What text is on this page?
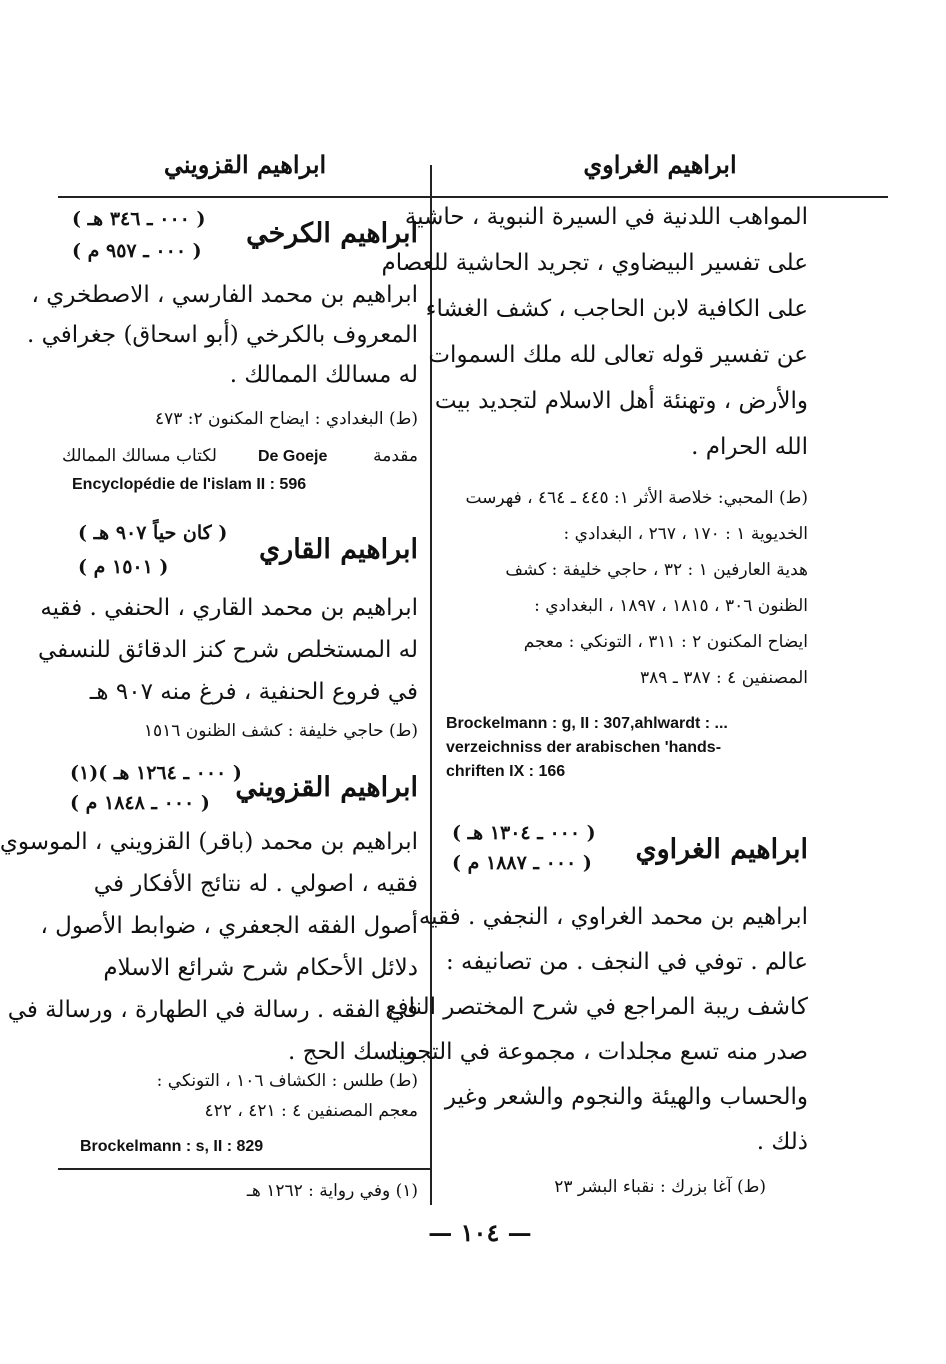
ابراهيم الغراوي
ابراهيم القزويني
المواهب اللدنية في السيرة النبوية ، حاشية
على تفسير البيضاوي ، تجريد الحاشية للعصام
على الكافية لابن الحاجب ، كشف الغشاء
عن تفسير قوله تعالى لله ملك السموات
والأرض ، وتهنئة أهل الاسلام لتجديد بيت
الله الحرام .
(ط) المحبي: خلاصة الأثر ١: ٤٤٥ ـ ٤٦٤ ، فهرست
الخديوية ١ : ١٧٠ ، ٢٦٧ ، البغدادي :
هدية العارفين ١ : ٣٢ ، حاجي خليفة : كشف
الظنون ٣٠٦ ، ١٨١٥ ، ١٨٩٧ ، البغدادي :
ايضاح المكنون ٢ : ٣١١ ، التونكي : معجم
المصنفين ٤ : ٣٨٧ ـ ٣٨٩
Brockelmann : g, II : 307,ahlwardt : ...
verzeichniss der arabischen 'hands-
chriften IX : 166
ابراهيم الغراوي
( ٠٠٠ ـ ١٣٠٤ هـ )
( ٠٠٠ ـ ١٨٨٧ م )
ابراهيم بن محمد الغراوي ، النجفي . فقيه
عالم . توفي في النجف . من تصانيفه :
كاشف ريبة المراجع في شرح المختصر النافع
صدر منه تسع مجلدات ، مجموعة في التجويد
والحساب والهيئة والنجوم والشعر وغير
ذلك .
(ط) آغا بزرك : نقباء البشر ٢٣
ابراهيم الكرخي
( ٠٠٠ ـ ٣٤٦ هـ )
( ٠٠٠ ـ ٩٥٧ م )
ابراهيم بن محمد الفارسي ، الاصطخري ،
المعروف بالكرخي (أبو اسحاق) جغرافي .
له مسالك الممالك .
(ط) البغدادي : ايضاح المكنون ٢: ٤٧٣
مقدمة
De Goeje
لكتاب مسالك الممالك
Encyclopédie de l'islam II : 596
ابراهيم القاري
( كان حياً ٩٠٧ هـ )
( ١٥٠١ م )
ابراهيم بن محمد القاري ، الحنفي . فقيه
له المستخلص شرح كنز الدقائق للنسفي
في فروع الحنفية ، فرغ منه ٩٠٧ هـ
(ط) حاجي خليفة : كشف الظنون ١٥١٦
ابراهيم القزويني
( ٠٠٠ ـ ١٢٦٤ هـ )(١)
( ٠٠٠ ـ ١٨٤٨ م )
ابراهيم بن محمد (باقر) القزويني ، الموسوي
فقيه ، اصولي . له نتائج الأفكار في
أصول الفقه الجعفري ، ضوابط الأصول ،
دلائل الأحكام شرح شرائع الاسلام
في الفقه . رسالة في الطهارة ، ورسالة في
مناسك الحج .
(ط) طلس : الكشاف ١٠٦ ، التونكي :
معجم المصنفين ٤ : ٤٢١ ، ٤٢٢
Brockelmann : s, II : 829
(١) وفي رواية : ١٢٦٢ هـ
— ١٠٤ —
